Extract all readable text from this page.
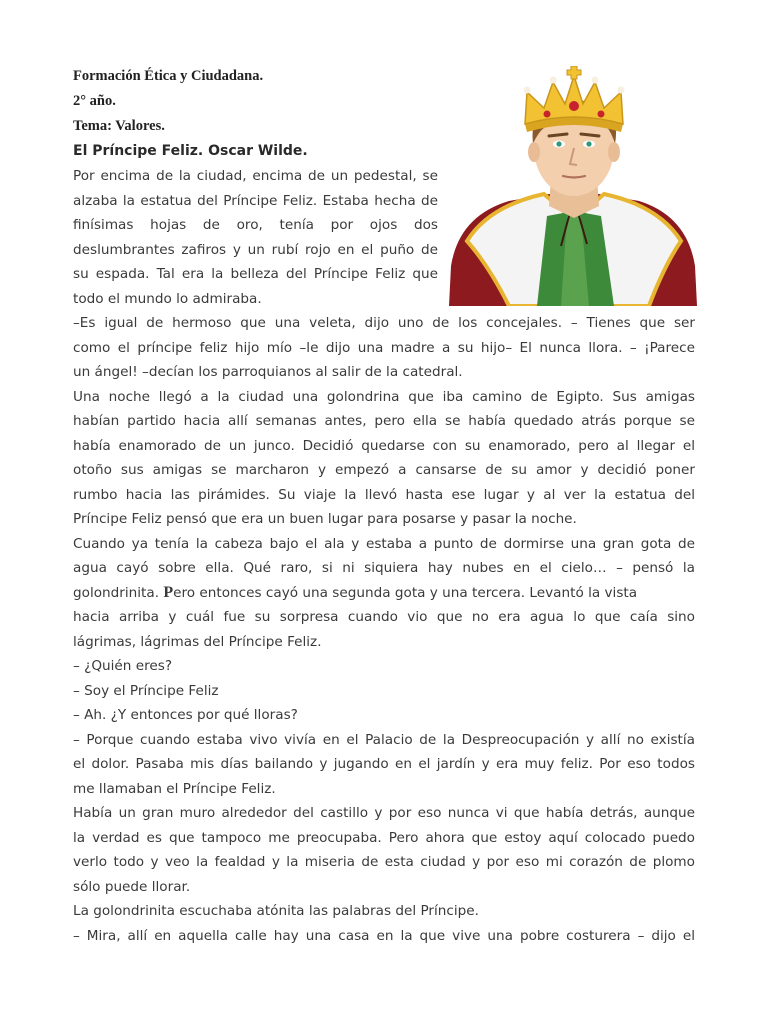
Formación Ética y Ciudadana.
2° año.
Tema: Valores.
El Príncipe Feliz. Oscar Wilde.
Por encima de la ciudad, encima de un pedestal, se
alzaba la estatua del Príncipe Feliz. Estaba hecha de
finísimas hojas de oro, tenía por ojos dos
deslumbrantes zafiros y un rubí rojo en el puño de
su espada. Tal era la belleza del Príncipe Feliz que
todo el mundo lo admiraba.
–Es igual de hermoso que una veleta, dijo uno de los concejales. – Tienes que ser
como el príncipe feliz hijo mío –le dijo una madre a su hijo– El nunca llora. – ¡Parece
un ángel! –decían los parroquianos al salir de la catedral.
Una noche llegó a la ciudad una golondrina que iba camino de Egipto. Sus amigas
habían partido hacia allí semanas antes, pero ella se había quedado atrás porque se
había enamorado de un junco. Decidió quedarse con su enamorado, pero al llegar el
otoño sus amigas se marcharon y empezó a cansarse de su amor y decidió poner
rumbo hacia las pirámides. Su viaje la llevó hasta ese lugar y al ver la estatua del
Príncipe Feliz pensó que era un buen lugar para posarse y pasar la noche.
Cuando ya tenía la cabeza bajo el ala y estaba a punto de dormirse una gran gota de
agua cayó sobre ella. Qué raro, si ni siquiera hay nubes en el cielo… – pensó la
golondrinita. Pero entonces cayó una segunda gota y una tercera. Levantó la vista
hacia arriba y cuál fue su sorpresa cuando vio que no era agua lo que caía sino
lágrimas, lágrimas del Príncipe Feliz.
– ¿Quién eres?
– Soy el Príncipe Feliz
– Ah. ¿Y entonces por qué lloras?
– Porque cuando estaba vivo vivía en el Palacio de la Despreocupación y allí no existía
el dolor. Pasaba mis días bailando y jugando en el jardín y era muy feliz. Por eso todos
me llamaban el Príncipe Feliz.
Había un gran muro alrededor del castillo y por eso nunca vi que había detrás, aunque
la verdad es que tampoco me preocupaba. Pero ahora que estoy aquí colocado puedo
verlo todo y veo la fealdad y la miseria de esta ciudad y por eso mi corazón de plomo
sólo puede llorar.
La golondrinita escuchaba atónita las palabras del Príncipe.
– Mira, allí en aquella calle hay una casa en la que vive una pobre costurera – dijo el
